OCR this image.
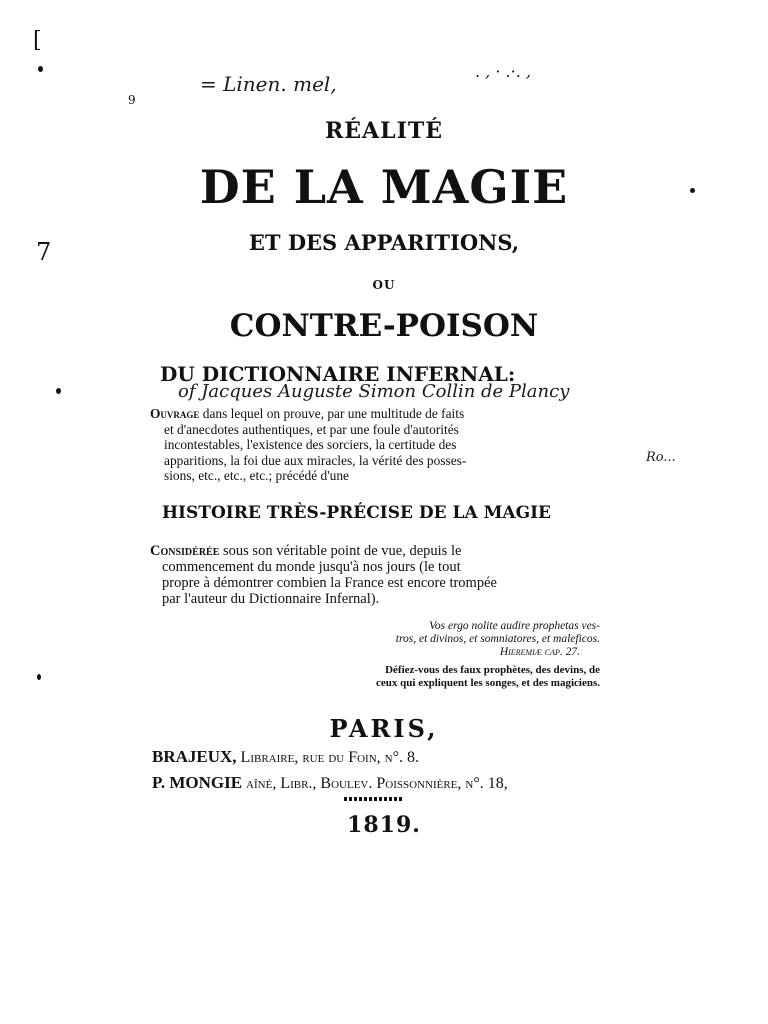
[
9
7
= Linen. mel,
. , · .·. ,
RÉALITÉ
DE LA MAGIE
ET DES APPARITIONS,
OU
CONTRE-POISON
DU DICTIONNAIRE INFERNAL:
of Jacques Auguste Simon Collin de Plancy
Ouvrage dans lequel on prouve, par une multitude de faits
et d'anecdotes authentiques, et par une foule d'autorités
incontestables, l'existence des sorciers, la certitude des
apparitions, la foi due aux miracles, la vérité des posses-
sions, etc., etc., etc.; précédé d'une
Ro...
HISTOIRE TRÈS-PRÉCISE DE LA MAGIE
Considérée sous son véritable point de vue, depuis le
commencement du monde jusqu'à nos jours (le tout
propre à démontrer combien la France est encore trompée
par l'auteur du Dictionnaire Infernal).
Vos ergo nolite audire prophetas ves-
tros, et divinos, et somniatores, et maleficos.
Hieremiæ cap. 27.
Défiez-vous des faux prophètes, des devins, de
ceux qui expliquent les songes, et des magiciens.
PARIS,
BRAJEUX, Libraire, rue du Foin, n°. 8.
P. MONGIE aîné, Libr., Boulev. Poissonnière, n°. 18,
1819.
